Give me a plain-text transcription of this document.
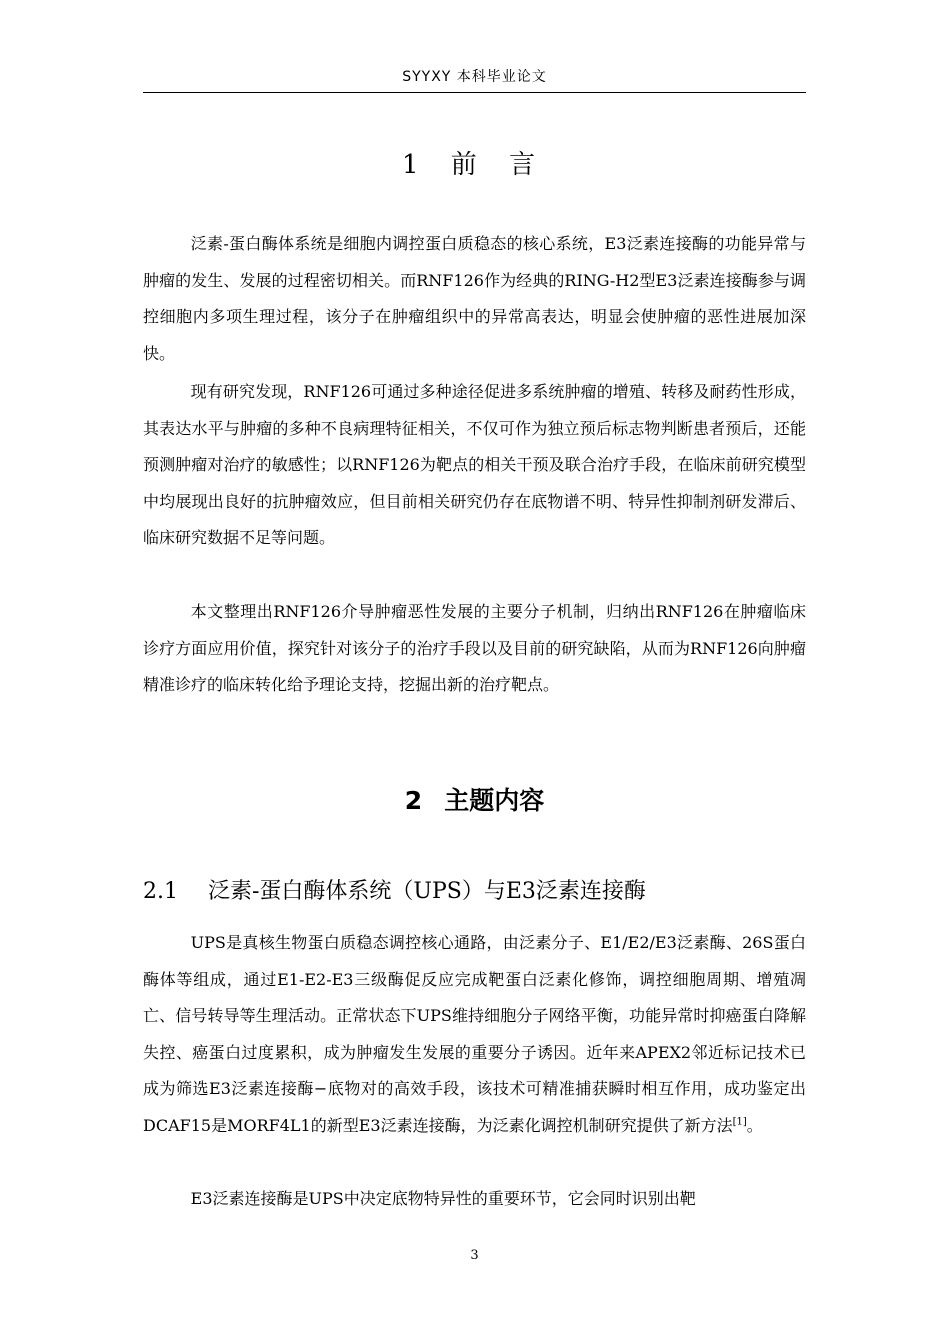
SYYXY 本科毕业论文
1 前 言

泛素-蛋白酶体系统是细胞内调控蛋白质稳态的核心系统，E3泛素连接酶的功能异常与肿瘤的发生、发展的过程密切相关。而RNF126作为经典的RING-H2型E3泛素连接酶参与调控细胞内多项生理过程，该分子在肿瘤组织中的异常高表达，明显会使肿瘤的恶性进展加深快。

现有研究发现，RNF126可通过多种途径促进多系统肿瘤的增殖、转移及耐药性形成，其表达水平与肿瘤的多种不良病理特征相关，不仅可作为独立预后标志物判断患者预后，还能预测肿瘤对治疗的敏感性；以RNF126为靶点的相关干预及联合治疗手段，在临床前研究模型中均展现出良好的抗肿瘤效应，但目前相关研究仍存在底物谱不明、特异性抑制剂研发滞后、临床研究数据不足等问题。

本文整理出RNF126介导肿瘤恶性发展的主要分子机制，归纳出RNF126在肿瘤临床诊疗方面应用价值，探究针对该分子的治疗手段以及目前的研究缺陷，从而为RNF126向肿瘤精准诊疗的临床转化给予理论支持，挖掘出新的治疗靶点。

2 主题内容
2.1 泛素-蛋白酶体系统（UPS）与E3泛素连接酶

UPS是真核生物蛋白质稳态调控核心通路，由泛素分子、E1/E2/E3泛素酶、26S蛋白酶体等组成，通过E1-E2-E3三级酶促反应完成靶蛋白泛素化修饰，调控细胞周期、增殖凋亡、信号转导等生理活动。正常状态下UPS维持细胞分子网络平衡，功能异常时抑癌蛋白降解失控、癌蛋白过度累积，成为肿瘤发生发展的重要分子诱因。近年来APEX2邻近标记技术已成为筛选E3泛素连接酶−底物对的高效手段，该技术可精准捕获瞬时相互作用，成功鉴定出DCAF15是MORF4L1的新型E3泛素连接酶，为泛素化调控机制研究提供了新方法[1]。

E3泛素连接酶是UPS中决定底物特异性的重要环节，它会同时识别出靶

3
